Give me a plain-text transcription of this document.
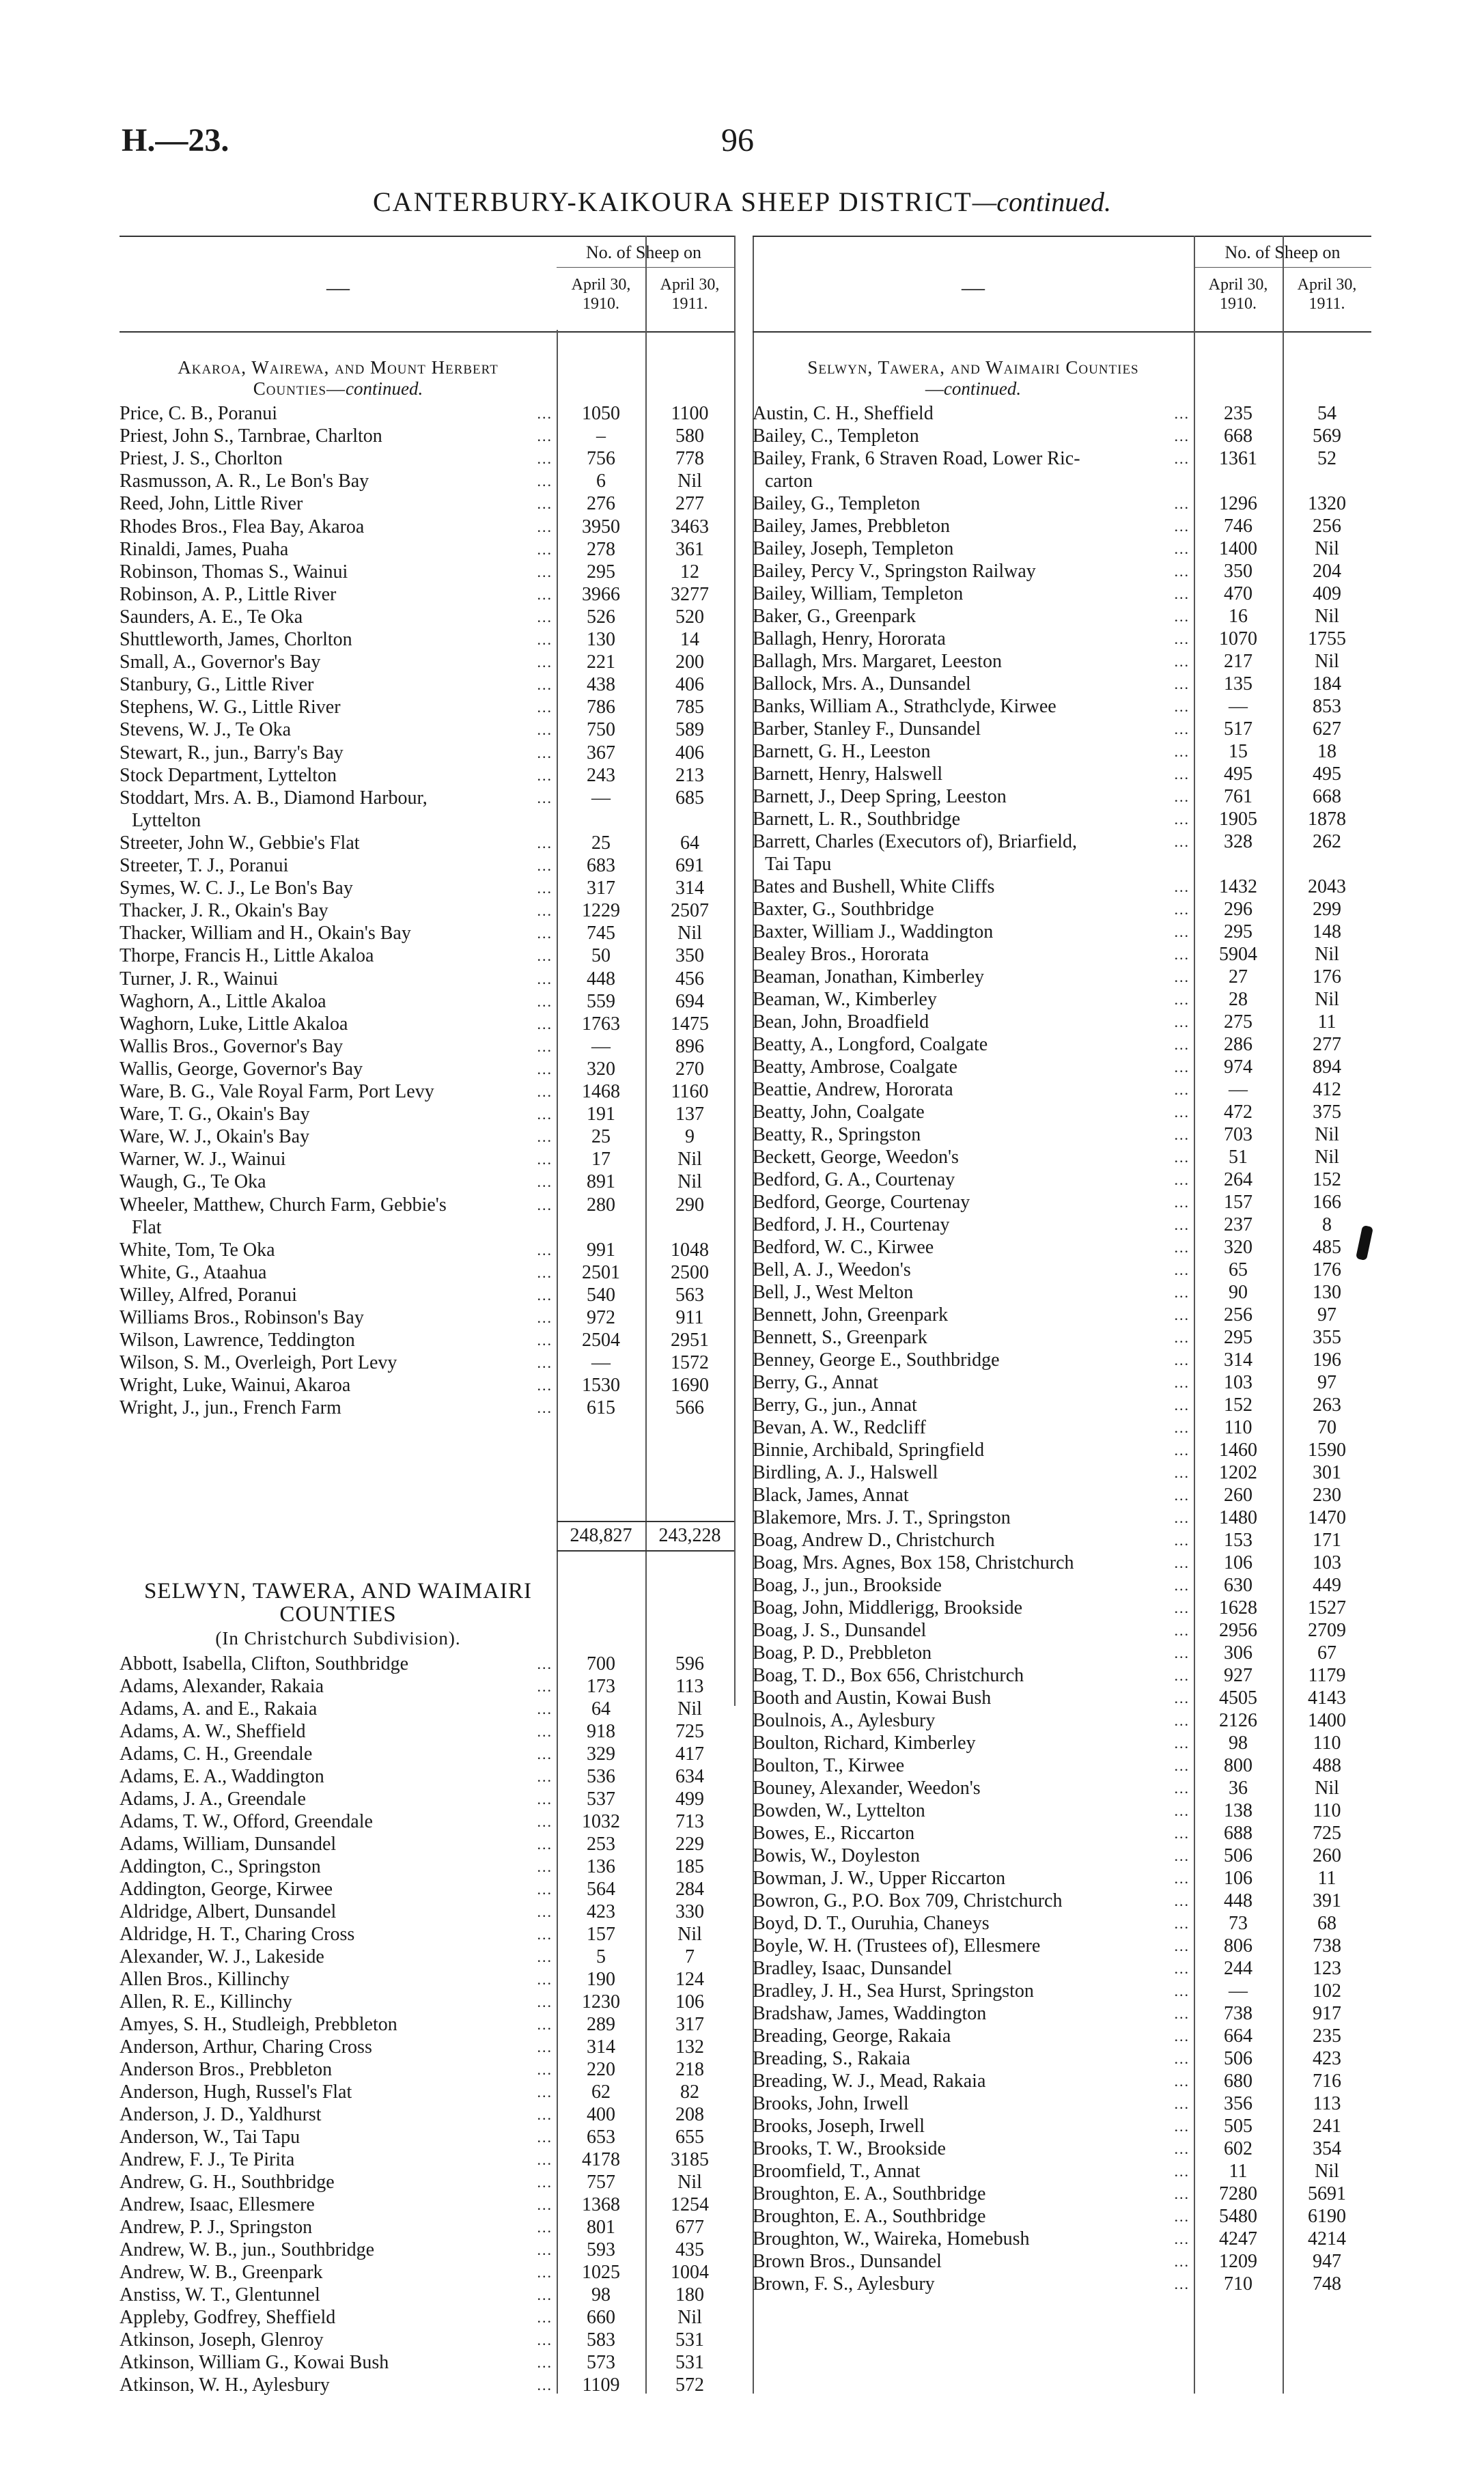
H.—23.	96
CANTERBURY-KAIKOURA SHEEP DISTRICT—continued.
—
No. of Sheep on
April 30,
1910.
April 30,
1911.
Akaroa, Wairewa, and Mount Herbert
Counties—continued.
Price, C. B., Poranui	...	1050	1100
Priest, John S., Tarnbrae, Charlton	...	–	580
Priest, J. S., Chorlton	...	756	778
Rasmusson, A. R., Le Bon's Bay	...	6	Nil
Reed, John, Little River	...	276	277
Rhodes Bros., Flea Bay, Akaroa	...	3950	3463
Rinaldi, James, Puaha	...	278	361
Robinson, Thomas S., Wainui	...	295	12
Robinson, A. P., Little River	...	3966	3277
Saunders, A. E., Te Oka	...	526	520
Shuttleworth, James, Chorlton	...	130	14
Small, A., Governor's Bay	...	221	200
Stanbury, G., Little River	...	438	406
Stephens, W. G., Little River	...	786	785
Stevens, W. J., Te Oka	...	750	589
Stewart, R., jun., Barry's Bay	...	367	406
Stock Department, Lyttelton	...	243	213
Stoddart, Mrs. A. B., Diamond Harbour,	...	—	685
Lyttelton
Streeter, John W., Gebbie's Flat	...	25	64
Streeter, T. J., Poranui	...	683	691
Symes, W. C. J., Le Bon's Bay	...	317	314
Thacker, J. R., Okain's Bay	...	1229	2507
Thacker, William and H., Okain's Bay	...	745	Nil
Thorpe, Francis H., Little Akaloa	...	50	350
Turner, J. R., Wainui	...	448	456
Waghorn, A., Little Akaloa	...	559	694
Waghorn, Luke, Little Akaloa	...	1763	1475
Wallis Bros., Governor's Bay	...	—	896
Wallis, George, Governor's Bay	...	320	270
Ware, B. G., Vale Royal Farm, Port Levy	...	1468	1160
Ware, T. G., Okain's Bay	...	191	137
Ware, W. J., Okain's Bay	...	25	9
Warner, W. J., Wainui	...	17	Nil
Waugh, G., Te Oka	...	891	Nil
Wheeler, Matthew, Church Farm, Gebbie's	...	280	290
Flat
White, Tom, Te Oka	...	991	1048
White, G., Ataahua	...	2501	2500
Willey, Alfred, Poranui	...	540	563
Williams Bros., Robinson's Bay	...	972	911
Wilson, Lawrence, Teddington	...	2504	2951
Wilson, S. M., Overleigh, Port Levy	...	—	1572
Wright, Luke, Wainui, Akaroa	...	1530	1690
Wright, J., jun., French Farm	...	615	566
248,827	243,228
SELWYN, TAWERA, AND WAIMAIRI
COUNTIES
(In Christchurch Subdivision).
Abbott, Isabella, Clifton, Southbridge	...	700	596
Adams, Alexander, Rakaia	...	173	113
Adams, A. and E., Rakaia	...	64	Nil
Adams, A. W., Sheffield	...	918	725
Adams, C. H., Greendale	...	329	417
Adams, E. A., Waddington	...	536	634
Adams, J. A., Greendale	...	537	499
Adams, T. W., Offord, Greendale	...	1032	713
Adams, William, Dunsandel	...	253	229
Addington, C., Springston	...	136	185
Addington, George, Kirwee	...	564	284
Aldridge, Albert, Dunsandel	...	423	330
Aldridge, H. T., Charing Cross	...	157	Nil
Alexander, W. J., Lakeside	...	5	7
Allen Bros., Killinchy	...	190	124
Allen, R. E., Killinchy	...	1230	106
Amyes, S. H., Studleigh, Prebbleton	...	289	317
Anderson, Arthur, Charing Cross	...	314	132
Anderson Bros., Prebbleton	...	220	218
Anderson, Hugh, Russel's Flat	...	62	82
Anderson, J. D., Yaldhurst	...	400	208
Anderson, W., Tai Tapu	...	653	655
Andrew, F. J., Te Pirita	...	4178	3185
Andrew, G. H., Southbridge	...	757	Nil
Andrew, Isaac, Ellesmere	...	1368	1254
Andrew, P. J., Springston	...	801	677
Andrew, W. B., jun., Southbridge	...	593	435
Andrew, W. B., Greenpark	...	1025	1004
Anstiss, W. T., Glentunnel	...	98	180
Appleby, Godfrey, Sheffield	...	660	Nil
Atkinson, Joseph, Glenroy	...	583	531
Atkinson, William G., Kowai Bush	...	573	531
Atkinson, W. H., Aylesbury	...	1109	572
—
No. of Sheep on
April 30,
1910.
April 30,
1911.
Selwyn, Tawera, and Waimairi Counties
—continued.
Austin, C. H., Sheffield	...	235	54
Bailey, C., Templeton	...	668	569
Bailey, Frank, 6 Straven Road, Lower Ric-	...	1361	52
carton
Bailey, G., Templeton	...	1296	1320
Bailey, James, Prebbleton	...	746	256
Bailey, Joseph, Templeton	...	1400	Nil
Bailey, Percy V., Springston Railway	...	350	204
Bailey, William, Templeton	...	470	409
Baker, G., Greenpark	...	16	Nil
Ballagh, Henry, Hororata	...	1070	1755
Ballagh, Mrs. Margaret, Leeston	...	217	Nil
Ballock, Mrs. A., Dunsandel	...	135	184
Banks, William A., Strathclyde, Kirwee	...	—	853
Barber, Stanley F., Dunsandel	...	517	627
Barnett, G. H., Leeston	...	15	18
Barnett, Henry, Halswell	...	495	495
Barnett, J., Deep Spring, Leeston	...	761	668
Barnett, L. R., Southbridge	...	1905	1878
Barrett, Charles (Executors of), Briarfield,	...	328	262
Tai Tapu
Bates and Bushell, White Cliffs	...	1432	2043
Baxter, G., Southbridge	...	296	299
Baxter, William J., Waddington	...	295	148
Bealey Bros., Hororata	...	5904	Nil
Beaman, Jonathan, Kimberley	...	27	176
Beaman, W., Kimberley	...	28	Nil
Bean, John, Broadfield	...	275	11
Beatty, A., Longford, Coalgate	...	286	277
Beatty, Ambrose, Coalgate	...	974	894
Beattie, Andrew, Hororata	...	—	412
Beatty, John, Coalgate	...	472	375
Beatty, R., Springston	...	703	Nil
Beckett, George, Weedon's	...	51	Nil
Bedford, G. A., Courtenay	...	264	152
Bedford, George, Courtenay	...	157	166
Bedford, J. H., Courtenay	...	237	8
Bedford, W. C., Kirwee	...	320	485
Bell, A. J., Weedon's	...	65	176
Bell, J., West Melton	...	90	130
Bennett, John, Greenpark	...	256	97
Bennett, S., Greenpark	...	295	355
Benney, George E., Southbridge	...	314	196
Berry, G., Annat	...	103	97
Berry, G., jun., Annat	...	152	263
Bevan, A. W., Redcliff	...	110	70
Binnie, Archibald, Springfield	...	1460	1590
Birdling, A. J., Halswell	...	1202	301
Black, James, Annat	...	260	230
Blakemore, Mrs. J. T., Springston	...	1480	1470
Boag, Andrew D., Christchurch	...	153	171
Boag, Mrs. Agnes, Box 158, Christchurch	...	106	103
Boag, J., jun., Brookside	...	630	449
Boag, John, Middlerigg, Brookside	...	1628	1527
Boag, J. S., Dunsandel	...	2956	2709
Boag, P. D., Prebbleton	...	306	67
Boag, T. D., Box 656, Christchurch	...	927	1179
Booth and Austin, Kowai Bush	...	4505	4143
Boulnois, A., Aylesbury	...	2126	1400
Boulton, Richard, Kimberley	...	98	110
Boulton, T., Kirwee	...	800	488
Bouney, Alexander, Weedon's	...	36	Nil
Bowden, W., Lyttelton	...	138	110
Bowes, E., Riccarton	...	688	725
Bowis, W., Doyleston	...	506	260
Bowman, J. W., Upper Riccarton	...	106	11
Bowron, G., P.O. Box 709, Christchurch	...	448	391
Boyd, D. T., Ouruhia, Chaneys	...	73	68
Boyle, W. H. (Trustees of), Ellesmere	...	806	738
Bradley, Isaac, Dunsandel	...	244	123
Bradley, J. H., Sea Hurst, Springston	...	—	102
Bradshaw, James, Waddington	...	738	917
Breading, George, Rakaia	...	664	235
Breading, S., Rakaia	...	506	423
Breading, W. J., Mead, Rakaia	...	680	716
Brooks, John, Irwell	...	356	113
Brooks, Joseph, Irwell	...	505	241
Brooks, T. W., Brookside	...	602	354
Broomfield, T., Annat	...	11	Nil
Broughton, E. A., Southbridge	...	7280	5691
Broughton, E. A., Southbridge	...	5480	6190
Broughton, W., Waireka, Homebush	...	4247	4214
Brown Bros., Dunsandel	...	1209	947
Brown, F. S., Aylesbury	...	710	748
